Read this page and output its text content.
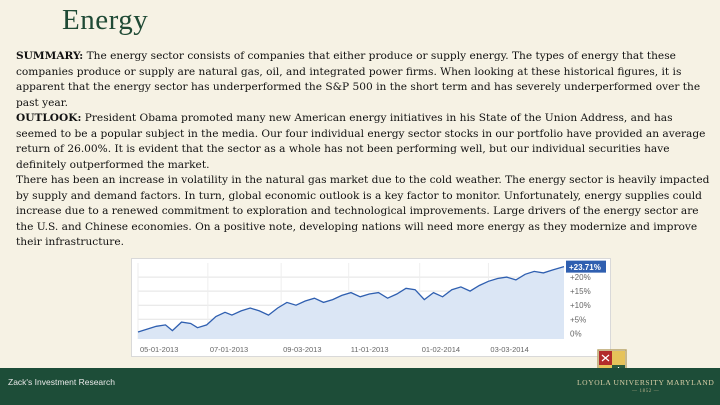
Energy

SUMMARY: The energy sector consists of companies that either produce or supply energy. The types of energy that these companies produce or supply are natural gas, oil, and integrated power firms. When looking at these historical figures, it is apparent that the energy sector has underperformed the S&P 500 in the short term and has severely underperformed over the past year.

OUTLOOK: President Obama promoted many new American energy initiatives in his State of the Union Address, and has seemed to be a popular subject in the media. Our four individual energy sector stocks in our portfolio have provided an average return of 26.00%. It is evident that the sector as a whole has not been performing well, but our individual securities have definitely outperformed the market.

There has been an increase in volatility in the natural gas market due to the cold weather. The energy sector is heavily impacted by supply and demand factors. In turn, global economic outlook is a key factor to monitor. Unfortunately, energy supplies could increase due to a renewed commitment to exploration and technological improvements. Large drivers of the energy sector are the U.S. and Chinese economies. On a positive note, developing nations will need more energy as they modernize and improve their infrastructure.

+20%
+15%
+10%
+5%
0%
05-01-2013	07-01-2013	09-03-2013	11-01-2013	01-02-2014	03-03-2014
+23.71%
Zack's Investment Research	LOYOLA UNIVERSITY MARYLAND
— 1852 —
